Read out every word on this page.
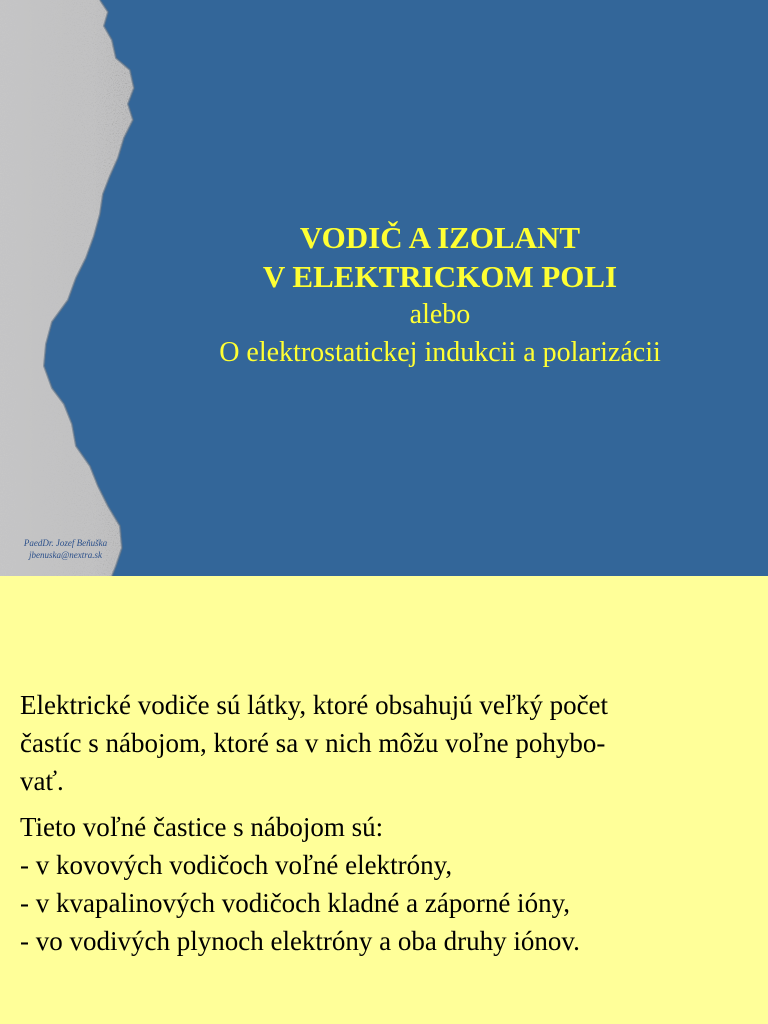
VODIČ A IZOLANT
V ELEKTRICKOM POLI
alebo
O elektrostatickej indukcii a polarizácii
PaedDr. Jozef Beňuška
jbenuska@nextra.sk

Elektrické vodiče sú látky, ktoré obsahujú veľký počet
častíc s nábojom, ktoré sa v nich môžu voľne pohybo-
vať.

Tieto voľné častice s nábojom sú:
- v kovových vodičoch voľné elektróny,
- v kvapalinových vodičoch kladné a záporné ióny,
- vo vodivých plynoch elektróny a oba druhy iónov.
